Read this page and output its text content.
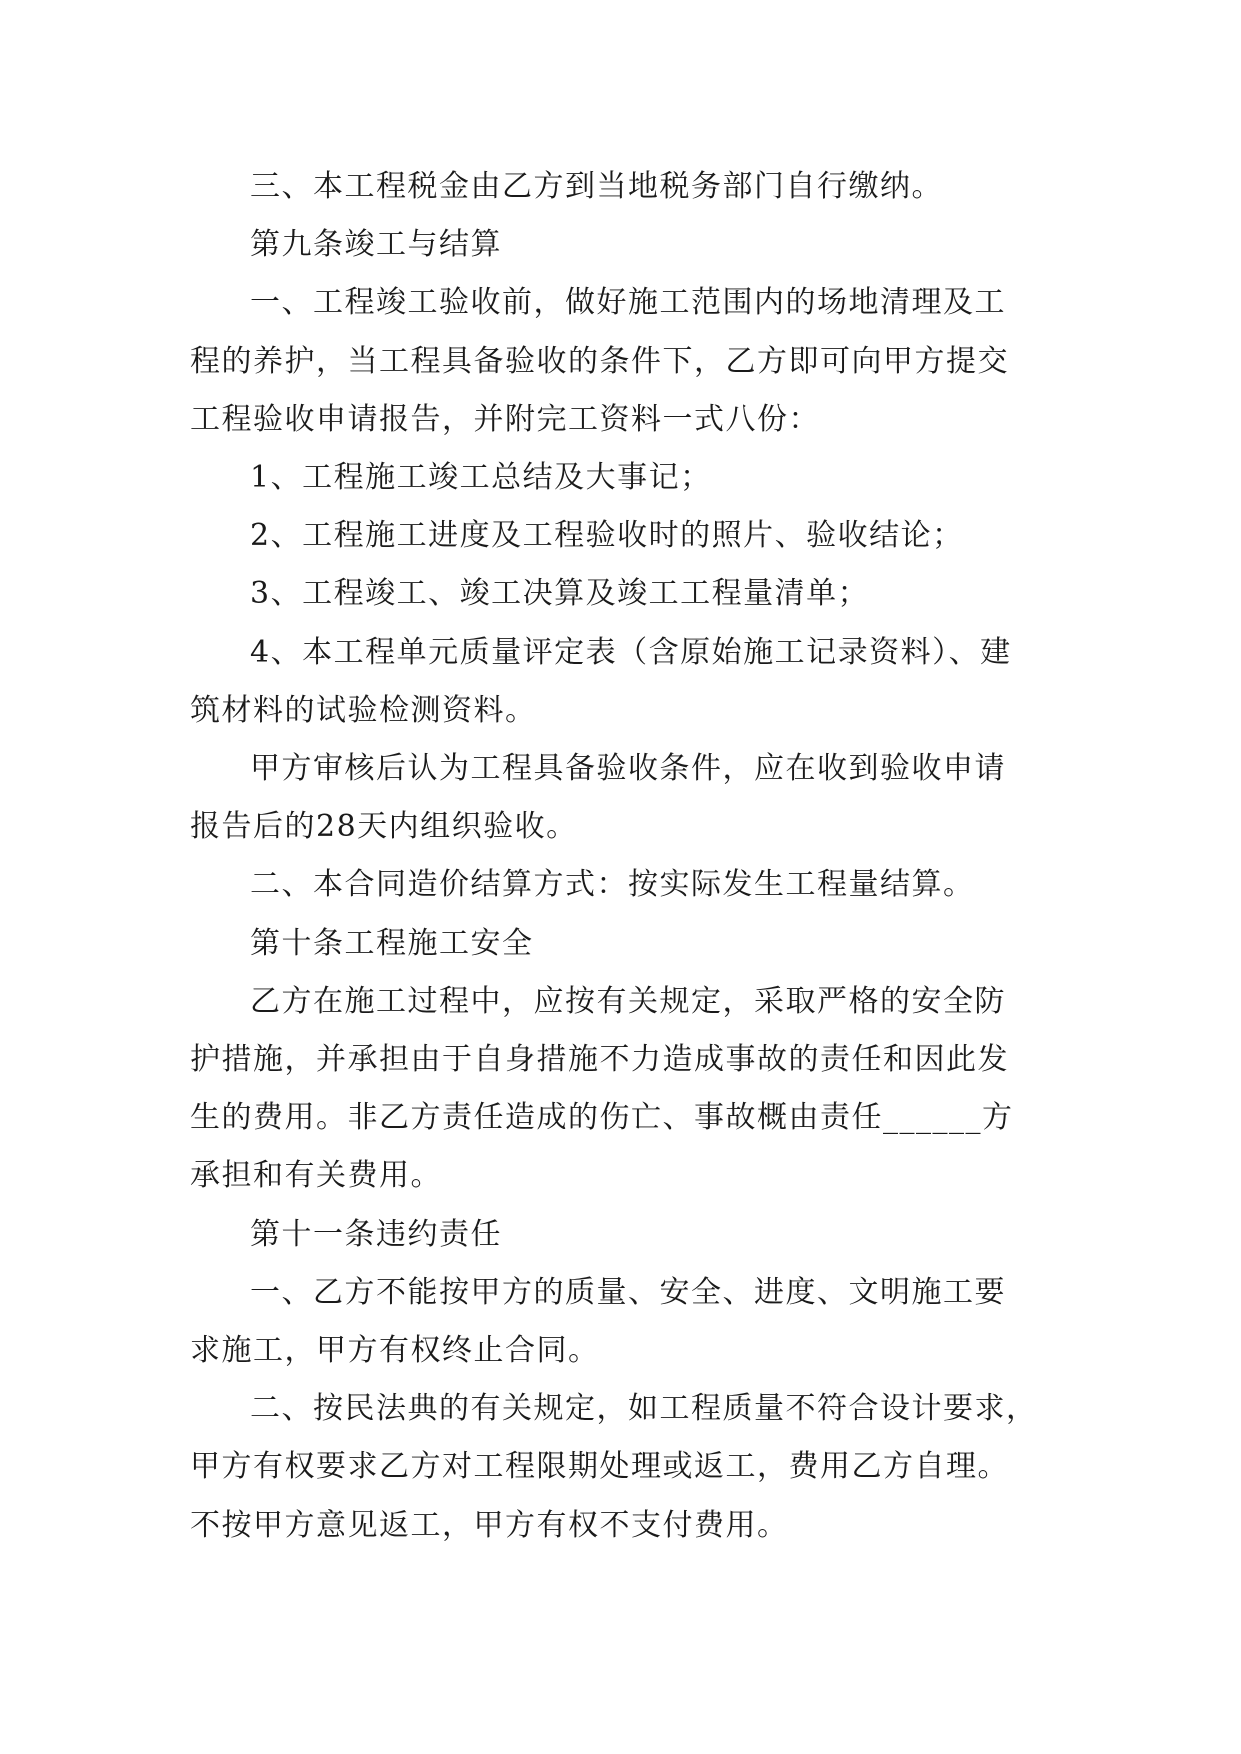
三、本工程税金由乙方到当地税务部门自行缴纳。

第九条竣工与结算

一、工程竣工验收前，做好施工范围内的场地清理及工
程的养护，当工程具备验收的条件下，乙方即可向甲方提交
工程验收申请报告，并附完工资料一式八份：

1、工程施工竣工总结及大事记；

2、工程施工进度及工程验收时的照片、验收结论；

3、工程竣工、竣工决算及竣工工程量清单；

4、本工程单元质量评定表（含原始施工记录资料）、建
筑材料的试验检测资料。

甲方审核后认为工程具备验收条件，应在收到验收申请
报告后的28天内组织验收。

二、本合同造价结算方式：按实际发生工程量结算。

第十条工程施工安全

乙方在施工过程中，应按有关规定，采取严格的安全防
护措施，并承担由于自身措施不力造成事故的责任和因此发
生的费用。非乙方责任造成的伤亡、事故概由责任______方
承担和有关费用。

第十一条违约责任

一、乙方不能按甲方的质量、安全、进度、文明施工要
求施工，甲方有权终止合同。

二、按民法典的有关规定，如工程质量不符合设计要求，
甲方有权要求乙方对工程限期处理或返工，费用乙方自理。
不按甲方意见返工，甲方有权不支付费用。
